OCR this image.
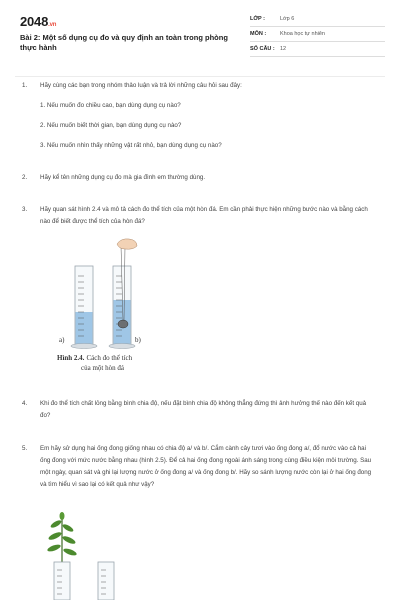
2048.vn
Bài 2: Một số dụng cụ đo và quy định an toàn trong phòng thực hành
LỚP :	Lớp 6
MÔN :	Khoa học tự nhiên
SỐ CÂU : 12
1.	Hãy cùng các bạn trong nhóm thảo luận và trả lời những câu hỏi sau đây:
1. Nếu muốn đo chiều cao, bạn dùng dụng cụ nào?
2. Nếu muốn biết thời gian, bạn dùng dụng cụ nào?
3. Nếu muốn nhìn thấy những vật rất nhỏ, bạn dùng dụng cụ nào?
2.	Hãy kể tên những dụng cụ đo mà gia đình em thường dùng.
3.	Hãy quan sát hình 2.4 và mô tả cách đo thể tích của một hòn đá. Em cần phải thực hiện những bước nào và bằng cách nào để biết được thể tích của hòn đá?
a)	b)
Hình 2.4. Cách đo thể tích
của một hòn đá
4.	Khi đo thể tích chất lỏng bằng bình chia độ, nếu đặt bình chia độ không thẳng đứng thì ảnh hưởng thế nào đến kết quả đo?
5.	Em hãy sử dụng hai ống đong giống nhau có chia độ a/ và b/. Cắm cành cây tươi vào ống đong a/, đổ nước vào cả hai ống đong với mức nước bằng nhau (hình 2.5). Để cả hai ống đong ngoài ánh sáng trong cùng điều kiện môi trường. Sau một ngày, quan sát và ghi lại lượng nước ở ống đong a/ và ống đong b/. Hãy so sánh lượng nước còn lại ở hai ống đong và tìm hiểu vì sao lại có kết quả như vậy?
